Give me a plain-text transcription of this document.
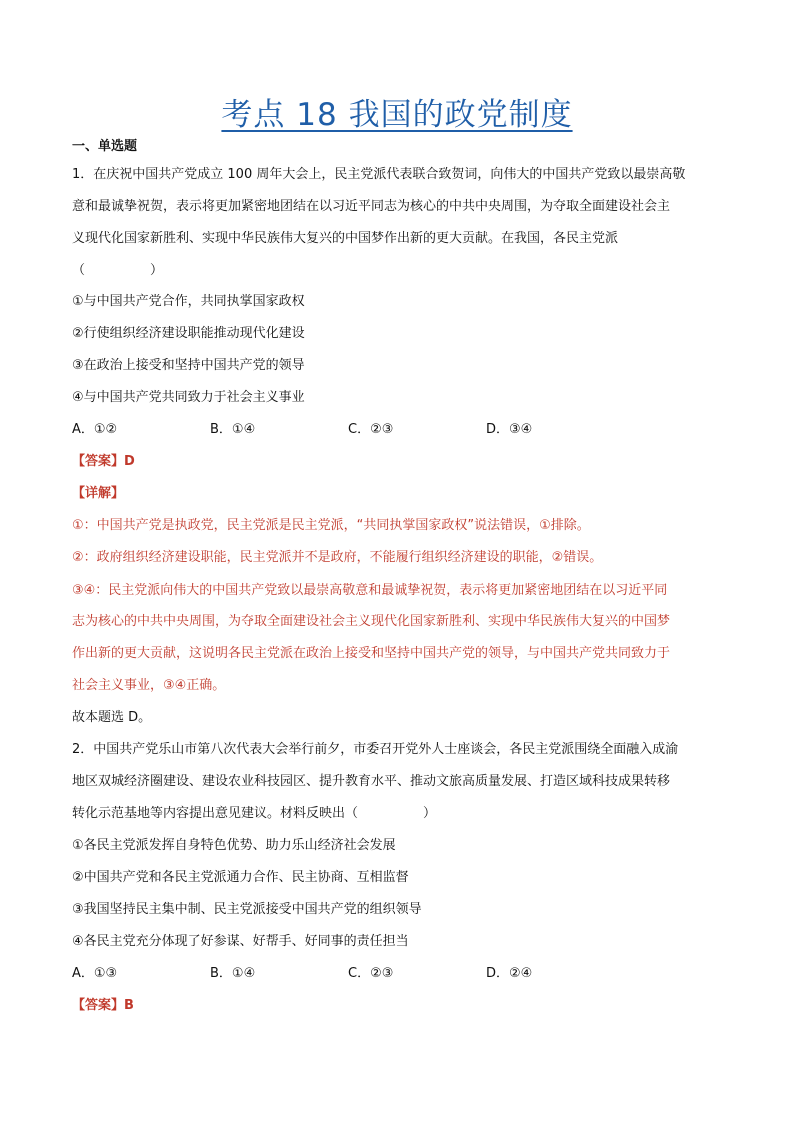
考点 18 我国的政党制度
一、单选题
1．在庆祝中国共产党成立 100 周年大会上，民主党派代表联合致贺词，向伟大的中国共产党致以最崇高敬
意和最诚挚祝贺，表示将更加紧密地团结在以习近平同志为核心的中共中央周围，为夺取全面建设社会主
义现代化国家新胜利、实现中华民族伟大复兴的中国梦作出新的更大贡献。在我国，各民主党派
（　　　　　）
①与中国共产党合作，共同执掌国家政权
②行使组织经济建设职能推动现代化建设
③在政治上接受和坚持中国共产党的领导
④与中国共产党共同致力于社会主义事业
A．①②	B．①④	C．②③	D．③④
【答案】D
【详解】
①：中国共产党是执政党，民主党派是民主党派，“共同执掌国家政权”说法错误，①排除。
②：政府组织经济建设职能，民主党派并不是政府，不能履行组织经济建设的职能，②错误。
③④：民主党派向伟大的中国共产党致以最崇高敬意和最诚挚祝贺，表示将更加紧密地团结在以习近平同
志为核心的中共中央周围，为夺取全面建设社会主义现代化国家新胜利、实现中华民族伟大复兴的中国梦
作出新的更大贡献，这说明各民主党派在政治上接受和坚持中国共产党的领导，与中国共产党共同致力于
社会主义事业，③④正确。
故本题选 D。
2．中国共产党乐山市第八次代表大会举行前夕，市委召开党外人士座谈会，各民主党派围绕全面融入成渝
地区双城经济圈建设、建设农业科技园区、提升教育水平、推动文旅高质量发展、打造区域科技成果转移
转化示范基地等内容提出意见建议。材料反映出（　　　　　）
①各民主党派发挥自身特色优势、助力乐山经济社会发展
②中国共产党和各民主党派通力合作、民主协商、互相监督
③我国坚持民主集中制、民主党派接受中国共产党的组织领导
④各民主党充分体现了好参谋、好帮手、好同事的责任担当
A．①③	B．①④	C．②③	D．②④
【答案】B
